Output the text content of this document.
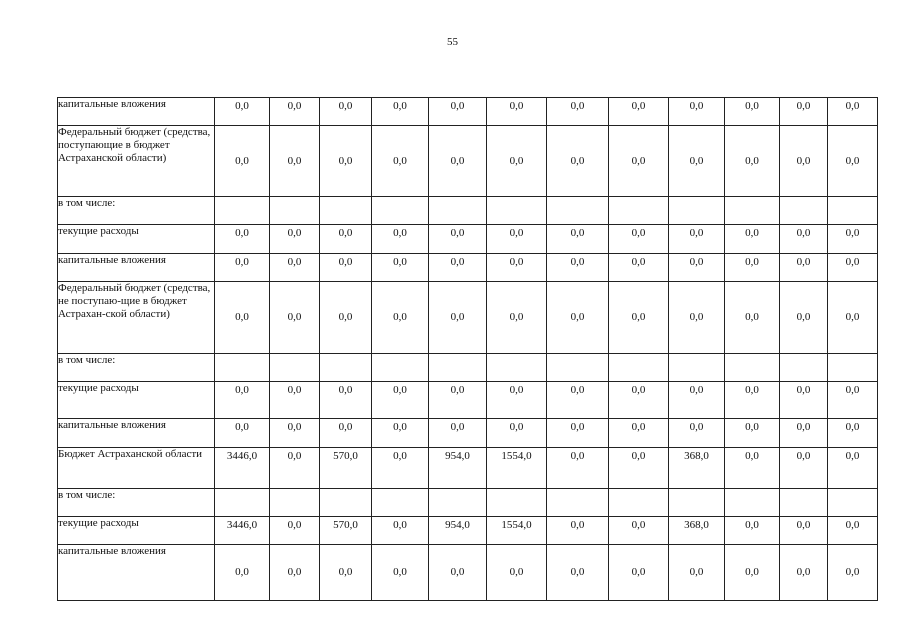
55
капитальные вложения	0,0	0,0	0,0	0,0	0,0	0,0	0,0	0,0	0,0	0,0	0,0	0,0
Федеральный бюджет (средства, поступающие в бюджет Астраханской области)	0,0	0,0	0,0	0,0	0,0	0,0	0,0	0,0	0,0	0,0	0,0	0,0
в том числе:												
текущие расходы	0,0	0,0	0,0	0,0	0,0	0,0	0,0	0,0	0,0	0,0	0,0	0,0
капитальные вложения	0,0	0,0	0,0	0,0	0,0	0,0	0,0	0,0	0,0	0,0	0,0	0,0
Федеральный бюджет (средства, не поступаю-щие в бюджет Астрахан-ской области)	0,0	0,0	0,0	0,0	0,0	0,0	0,0	0,0	0,0	0,0	0,0	0,0
в том числе:												
текущие расходы	0,0	0,0	0,0	0,0	0,0	0,0	0,0	0,0	0,0	0,0	0,0	0,0
капитальные вложения	0,0	0,0	0,0	0,0	0,0	0,0	0,0	0,0	0,0	0,0	0,0	0,0
Бюджет Астраханской области	3446,0	0,0	570,0	0,0	954,0	1554,0	0,0	0,0	368,0	0,0	0,0	0,0
в том числе:												
текущие расходы	3446,0	0,0	570,0	0,0	954,0	1554,0	0,0	0,0	368,0	0,0	0,0	0,0
капитальные вложения	0,0	0,0	0,0	0,0	0,0	0,0	0,0	0,0	0,0	0,0	0,0	0,0
